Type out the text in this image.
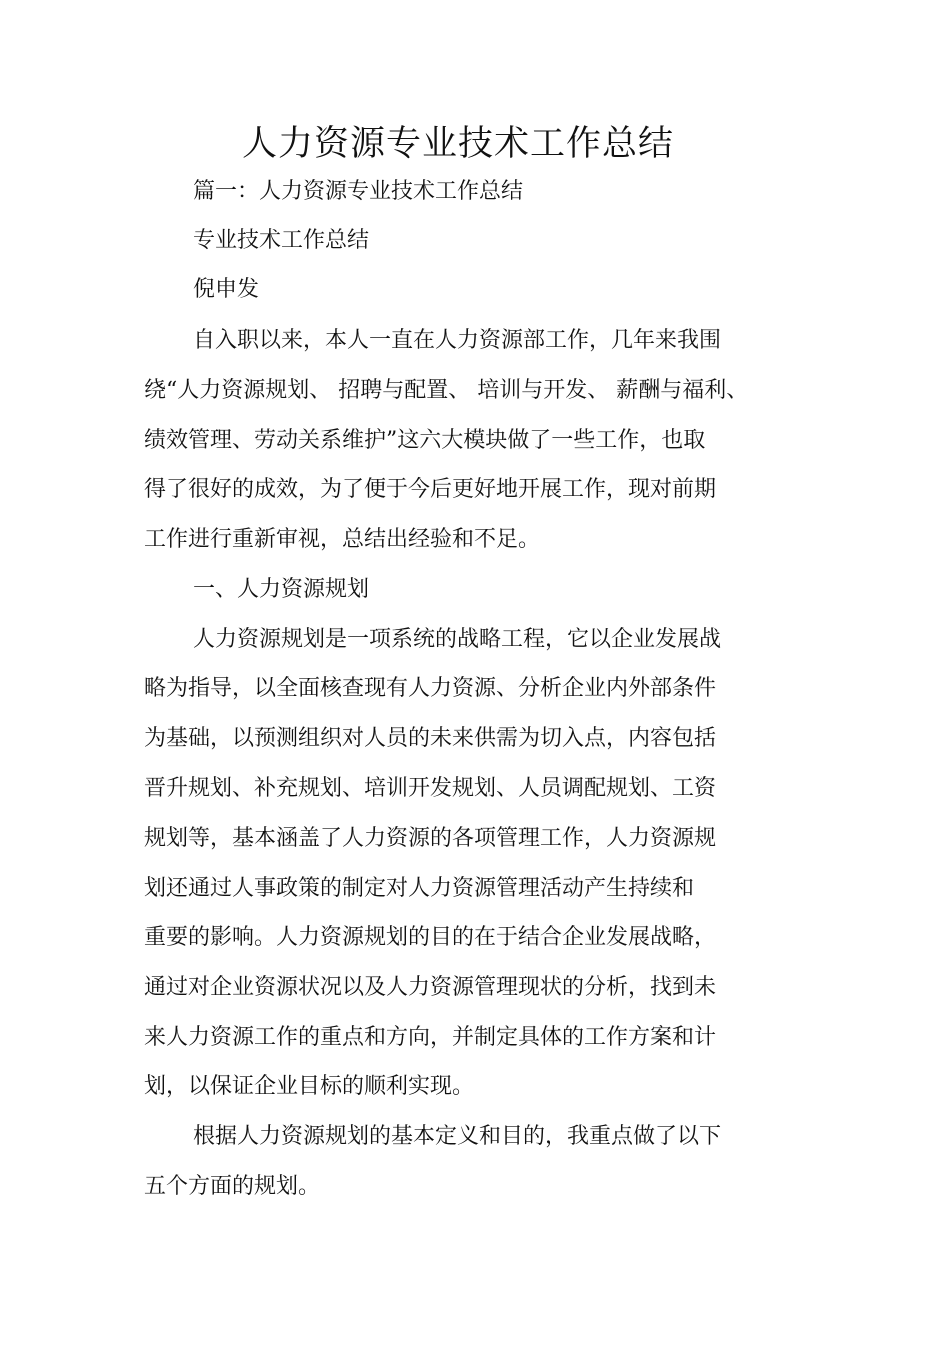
人力资源专业技术工作总结

篇一：人力资源专业技术工作总结

专业技术工作总结

倪申发

自入职以来，本人一直在人力资源部工作，几年来我围

绕“人力资源规划、 招聘与配置、 培训与开发、 薪酬与福利、

绩效管理、劳动关系维护”这六大模块做了一些工作，也取

得了很好的成效，为了便于今后更好地开展工作，现对前期

工作进行重新审视，总结出经验和不足。

一、人力资源规划

人力资源规划是一项系统的战略工程，它以企业发展战

略为指导，以全面核查现有人力资源、分析企业内外部条件

为基础，以预测组织对人员的未来供需为切入点，内容包括

晋升规划、补充规划、培训开发规划、人员调配规划、工资

规划等，基本涵盖了人力资源的各项管理工作，人力资源规

划还通过人事政策的制定对人力资源管理活动产生持续和

重要的影响。人力资源规划的目的在于结合企业发展战略，

通过对企业资源状况以及人力资源管理现状的分析，找到未

来人力资源工作的重点和方向，并制定具体的工作方案和计

划，以保证企业目标的顺利实现。

根据人力资源规划的基本定义和目的，我重点做了以下

五个方面的规划。
